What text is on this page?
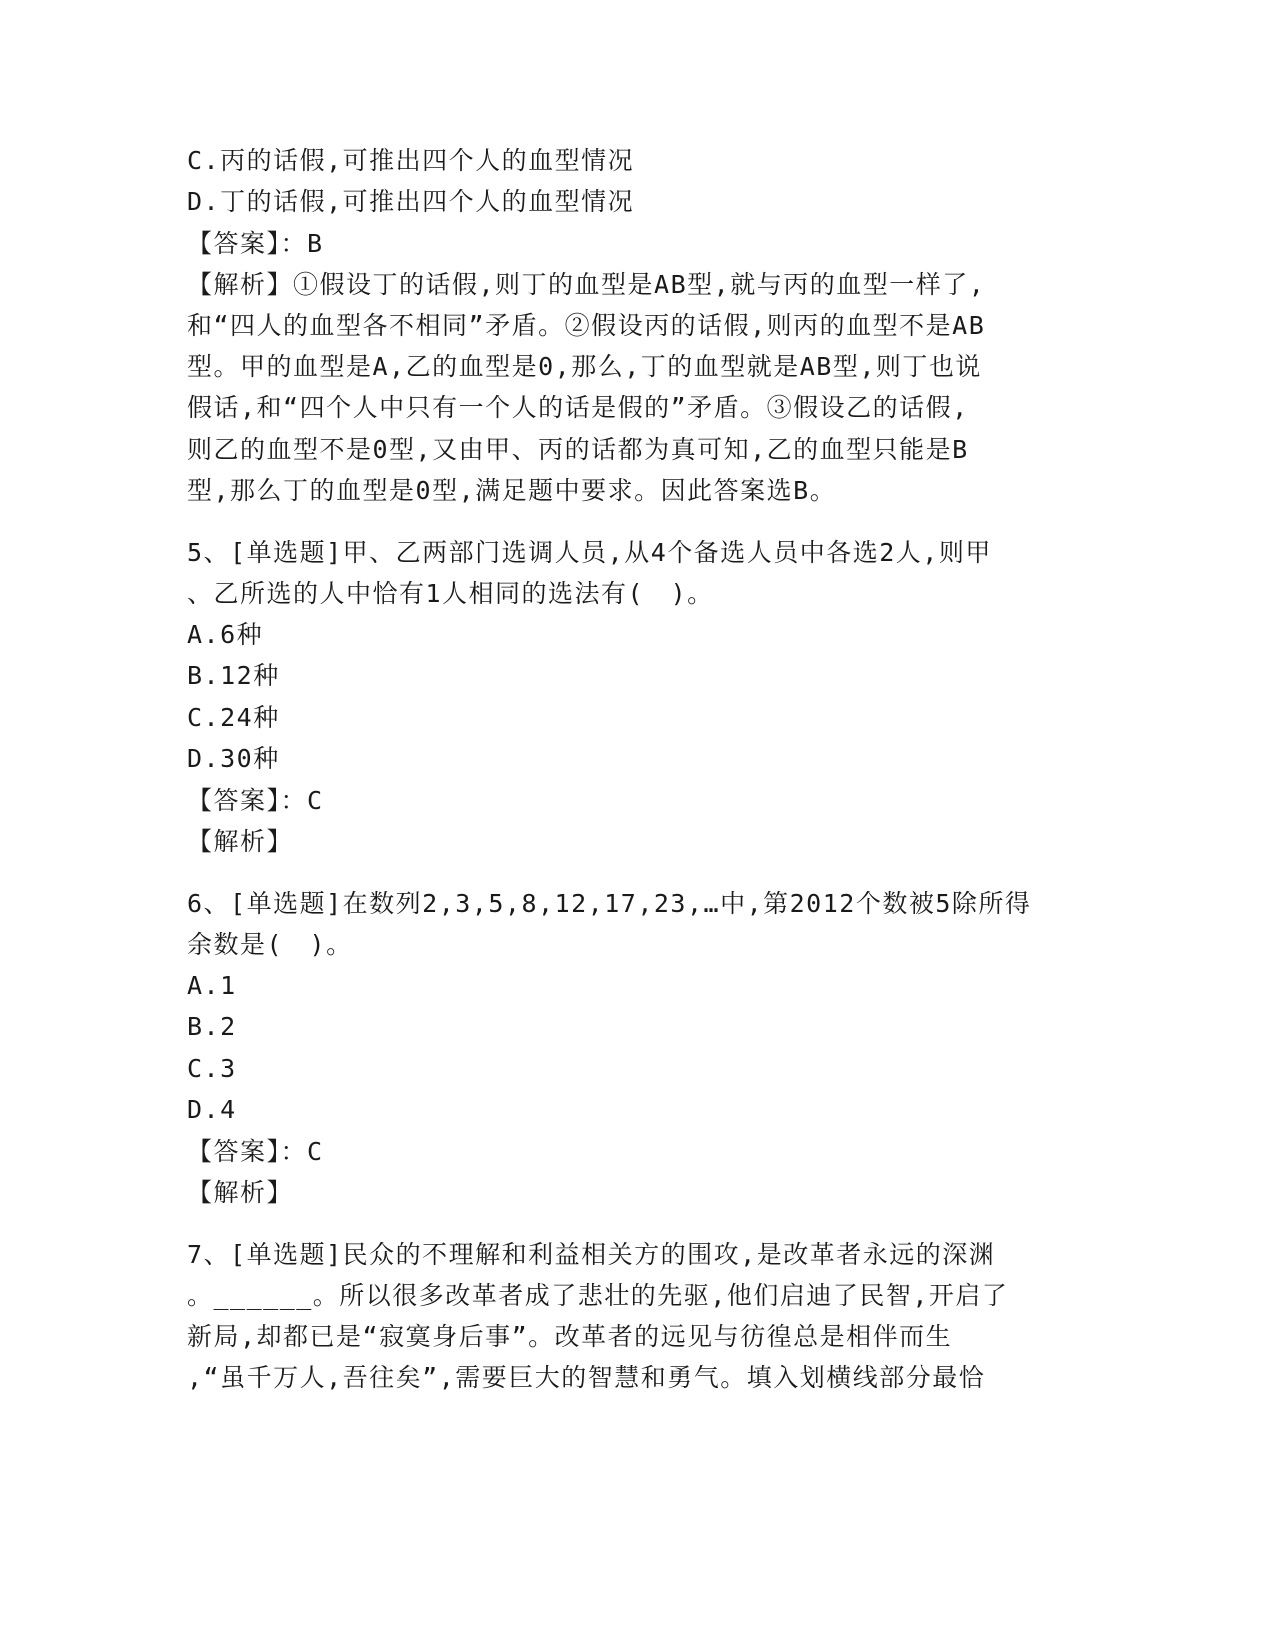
C.丙的话假,可推出四个人的血型情况
D.丁的话假,可推出四个人的血型情况
【答案】：B
【解析】①假设丁的话假,则丁的血型是AB型,就与丙的血型一样了,
和“四人的血型各不相同”矛盾。②假设丙的话假,则丙的血型不是AB
型。甲的血型是A,乙的血型是0,那么,丁的血型就是AB型,则丁也说
假话,和“四个人中只有一个人的话是假的”矛盾。③假设乙的话假,
则乙的血型不是0型,又由甲、丙的话都为真可知,乙的血型只能是B
型,那么丁的血型是0型,满足题中要求。因此答案选B。
5、[单选题]甲、乙两部门选调人员,从4个备选人员中各选2人,则甲
、乙所选的人中恰有1人相同的选法有(　)。
A.6种
B.12种
C.24种
D.30种
【答案】：C
【解析】
6、[单选题]在数列2,3,5,8,12,17,23,…中,第2012个数被5除所得
余数是(　)。
A.1
B.2
C.3
D.4
【答案】：C
【解析】
7、[单选题]民众的不理解和利益相关方的围攻,是改革者永远的深渊
。______。所以很多改革者成了悲壮的先驱,他们启迪了民智,开启了
新局,却都已是“寂寞身后事”。改革者的远见与彷徨总是相伴而生
,“虽千万人,吾往矣”,需要巨大的智慧和勇气。填入划横线部分最恰
